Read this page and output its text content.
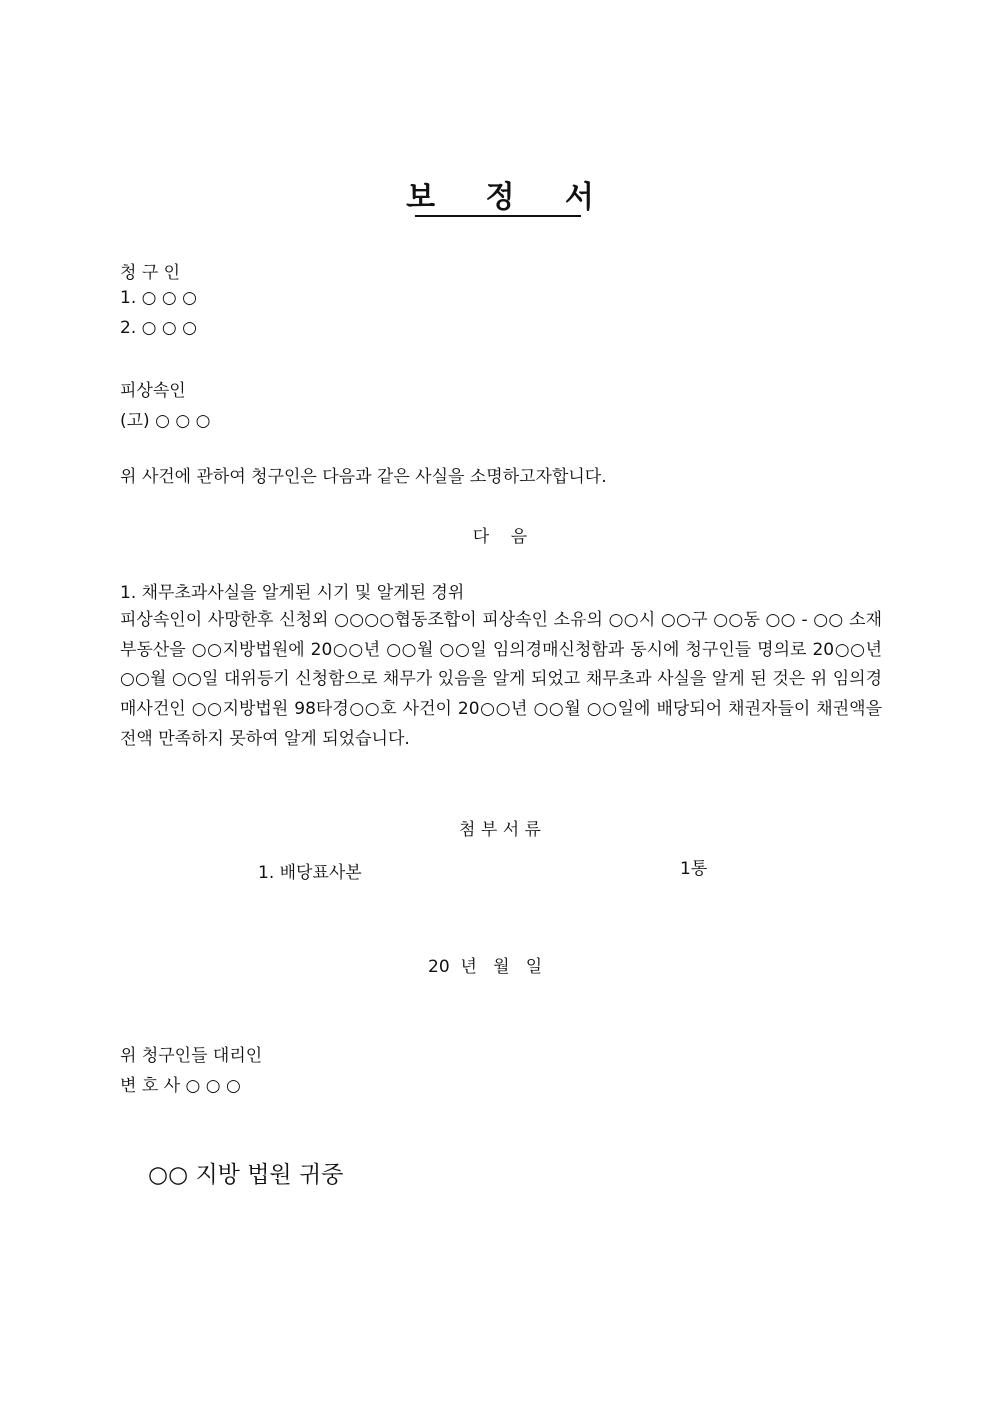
보 정 서
청 구 인
1. ○ ○ ○
2. ○ ○ ○
피상속인
(고) ○ ○ ○
위 사건에 관하여 청구인은 다음과 같은 사실을 소명하고자합니다.
다    음
1. 채무초과사실을 알게된 시기 및 알게된 경위
피상속인이 사망한후 신청외 ○○○○협동조합이 피상속인 소유의 ○○시 ○○구 ○○동 ○○ - ○○ 소재 부동산을 ○○지방법원에 20○○년 ○○월 ○○일 임의경매신청함과 동시에 청구인들 명의로 20○○년 ○○월 ○○일 대위등기 신청함으로 채무가 있음을 알게 되었고 채무초과 사실을 알게 된 것은 위 임의경매사건인 ○○지방법원 98타경○○호 사건이 20○○년 ○○월 ○○일에 배당되어 채권자들이 채권액을 전액 만족하지 못하여 알게 되었습니다.
첨 부 서 류
1. 배당표사본	1통
20  년   월   일
위 청구인들 대리인
변 호 사 ○ ○ ○
○○ 지방 법원 귀중
